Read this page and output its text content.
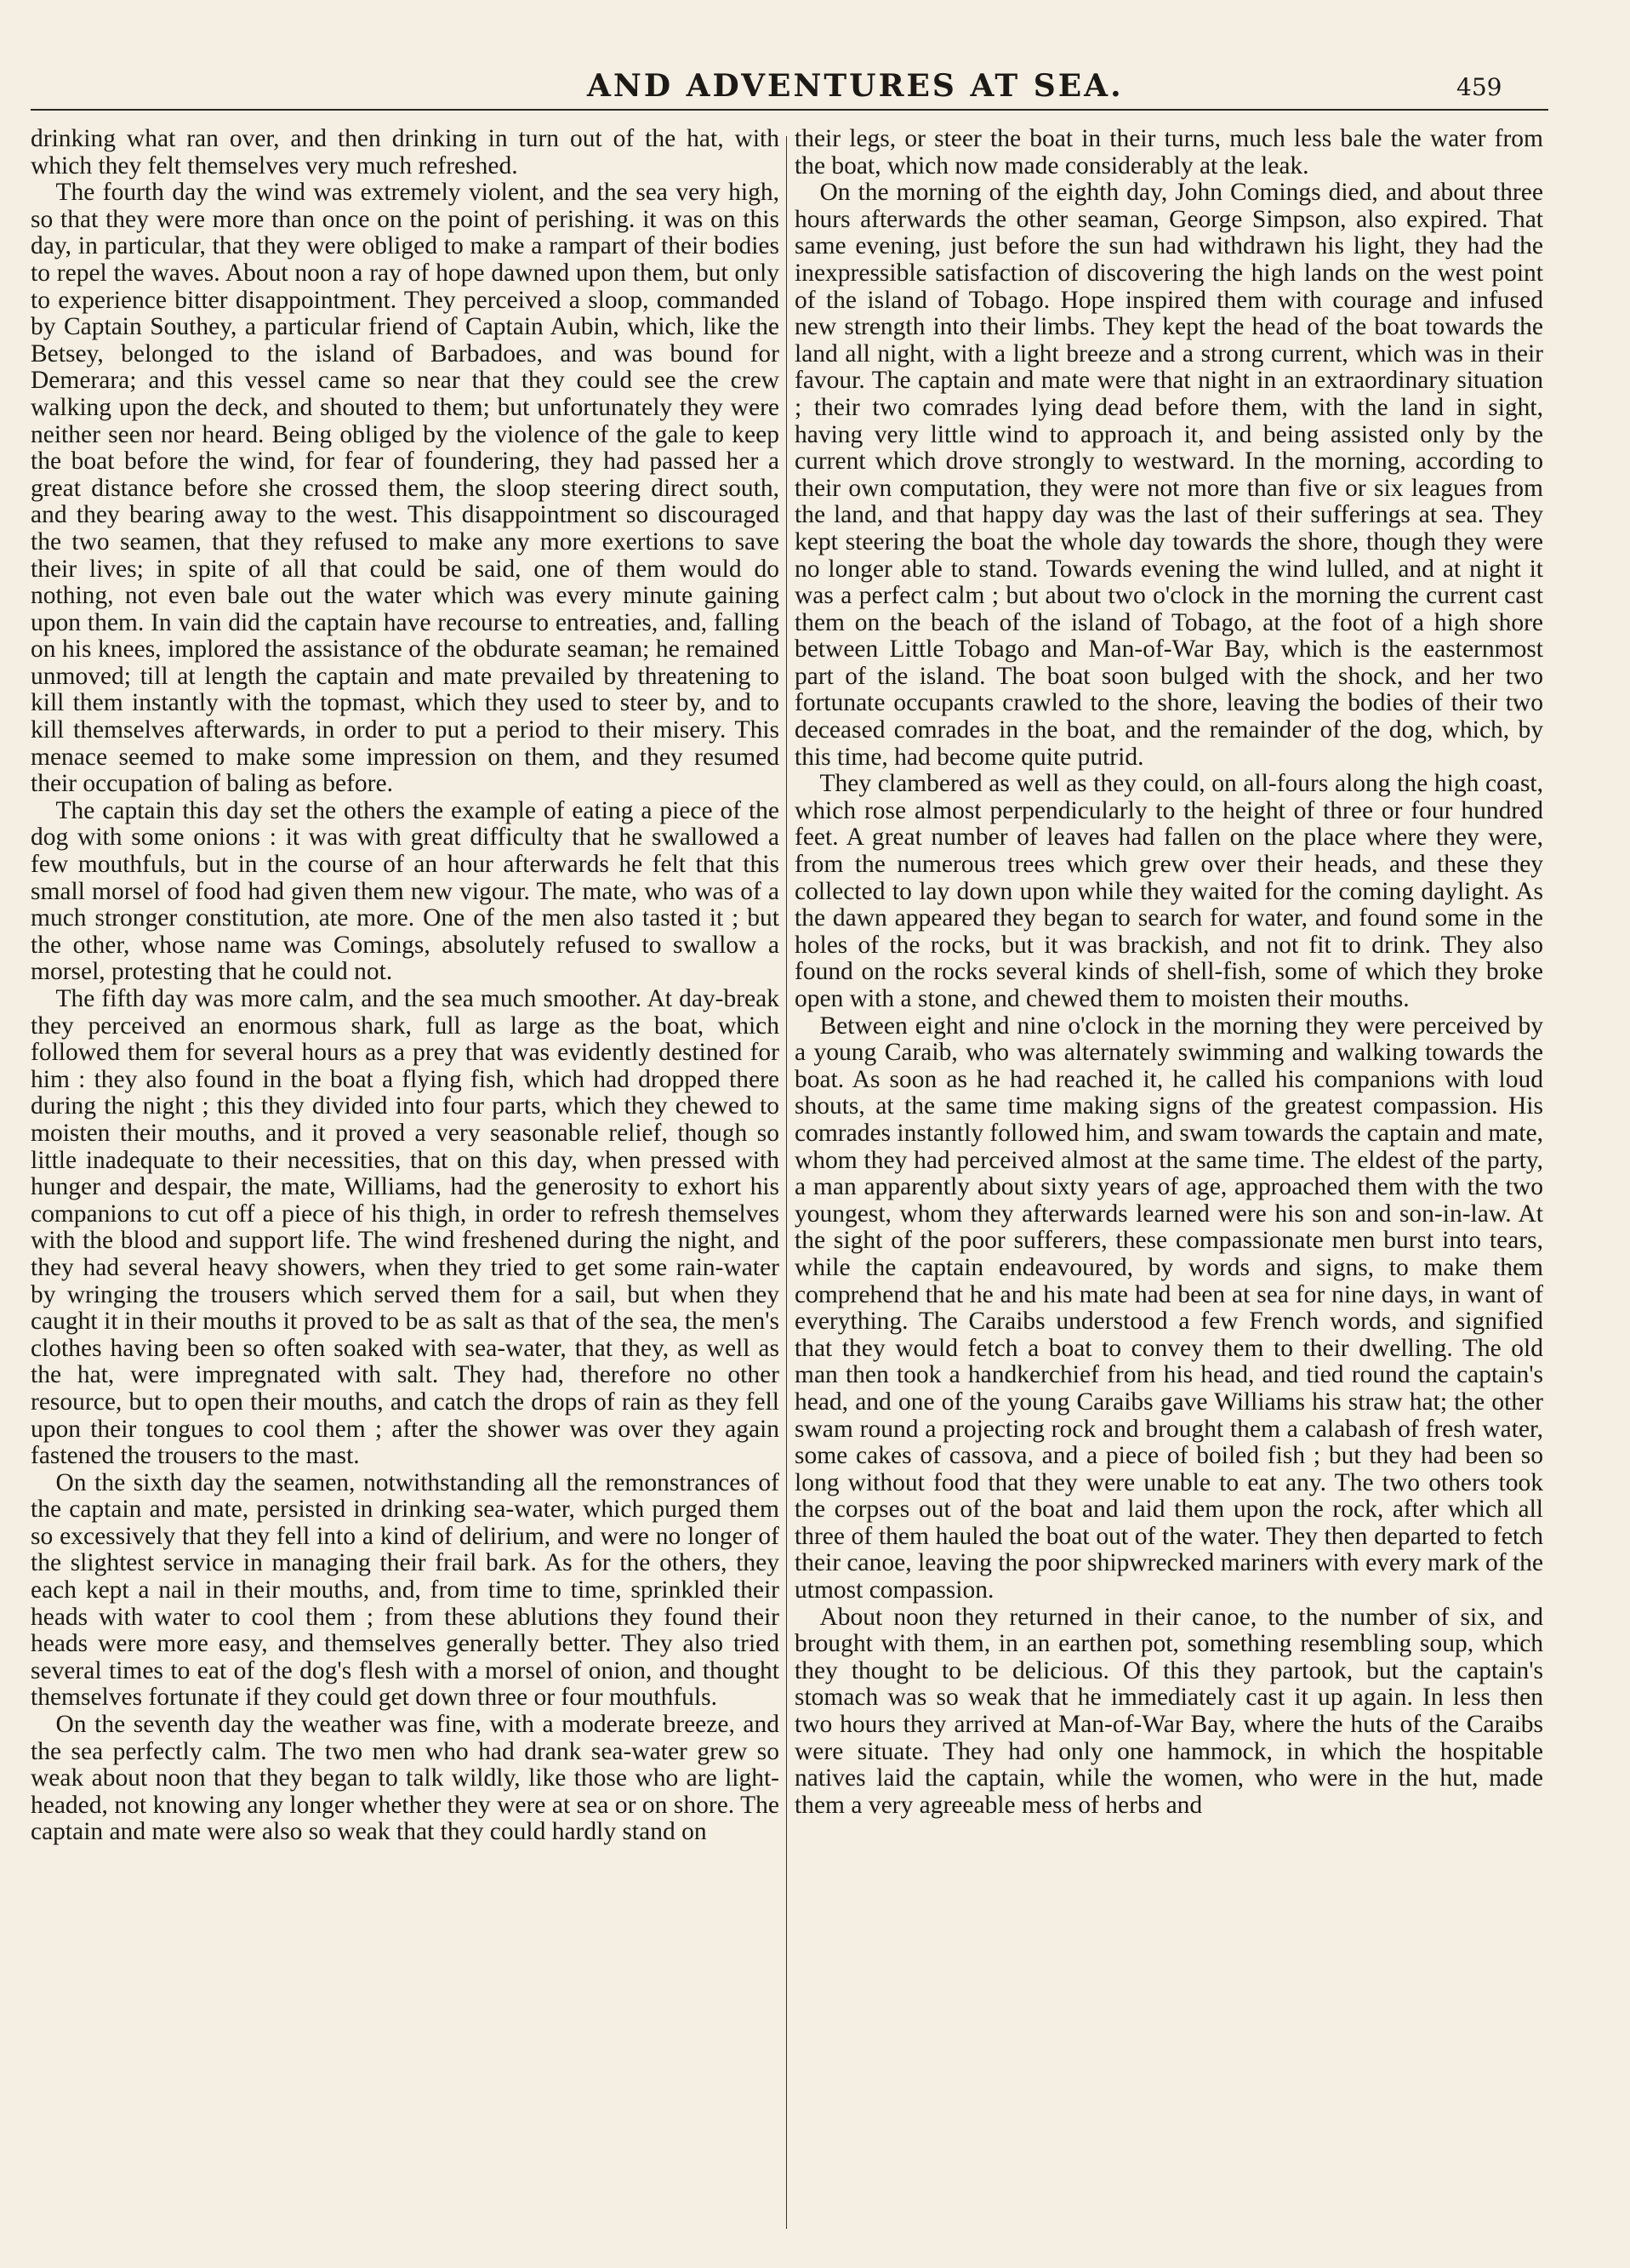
AND ADVENTURES AT SEA.	459

drinking what ran over, and then drinking in turn out of the hat, with which they felt themselves very much refreshed.

The fourth day the wind was extremely violent, and the sea very high, so that they were more than once on the point of perishing. it was on this day, in particular, that they were obliged to make a rampart of their bodies to repel the waves. About noon a ray of hope dawned upon them, but only to experience bitter disappointment. They perceived a sloop, commanded by Captain Southey, a particular friend of Captain Aubin, which, like the Betsey, belonged to the island of Barbadoes, and was bound for Demerara; and this vessel came so near that they could see the crew walking upon the deck, and shouted to them; but unfortunately they were neither seen nor heard. Being obliged by the violence of the gale to keep the boat before the wind, for fear of foundering, they had passed her a great distance before she crossed them, the sloop steering direct south, and they bearing away to the west. This disappointment so discouraged the two seamen, that they refused to make any more exertions to save their lives; in spite of all that could be said, one of them would do nothing, not even bale out the water which was every minute gaining upon them. In vain did the captain have recourse to entreaties, and, falling on his knees, implored the assistance of the obdurate seaman; he remained unmoved; till at length the captain and mate prevailed by threatening to kill them instantly with the topmast, which they used to steer by, and to kill themselves afterwards, in order to put a period to their misery. This menace seemed to make some impression on them, and they resumed their occupation of baling as before.

The captain this day set the others the example of eating a piece of the dog with some onions : it was with great difficulty that he swallowed a few mouthfuls, but in the course of an hour afterwards he felt that this small morsel of food had given them new vigour. The mate, who was of a much stronger constitution, ate more. One of the men also tasted it ; but the other, whose name was Comings, absolutely refused to swallow a morsel, protesting that he could not.

The fifth day was more calm, and the sea much smoother. At day-break they perceived an enormous shark, full as large as the boat, which followed them for several hours as a prey that was evidently destined for him : they also found in the boat a flying fish, which had dropped there during the night ; this they divided into four parts, which they chewed to moisten their mouths, and it proved a very seasonable relief, though so little inadequate to their necessities, that on this day, when pressed with hunger and despair, the mate, Williams, had the generosity to exhort his companions to cut off a piece of his thigh, in order to refresh themselves with the blood and support life. The wind freshened during the night, and they had several heavy showers, when they tried to get some rain-water by wringing the trousers which served them for a sail, but when they caught it in their mouths it proved to be as salt as that of the sea, the men's clothes having been so often soaked with sea-water, that they, as well as the hat, were impregnated with salt. They had, therefore no other resource, but to open their mouths, and catch the drops of rain as they fell upon their tongues to cool them ; after the shower was over they again fastened the trousers to the mast.

On the sixth day the seamen, notwithstanding all the remonstrances of the captain and mate, persisted in drinking sea-water, which purged them so excessively that they fell into a kind of delirium, and were no longer of the slightest service in managing their frail bark. As for the others, they each kept a nail in their mouths, and, from time to time, sprinkled their heads with water to cool them ; from these ablutions they found their heads were more easy, and themselves generally better. They also tried several times to eat of the dog's flesh with a morsel of onion, and thought themselves fortunate if they could get down three or four mouthfuls.

On the seventh day the weather was fine, with a moderate breeze, and the sea perfectly calm. The two men who had drank sea-water grew so weak about noon that they began to talk wildly, like those who are light-headed, not knowing any longer whether they were at sea or on shore. The captain and mate were also so weak that they could hardly stand on

their legs, or steer the boat in their turns, much less bale the water from the boat, which now made considerably at the leak.

On the morning of the eighth day, John Comings died, and about three hours afterwards the other seaman, George Simpson, also expired. That same evening, just before the sun had withdrawn his light, they had the inexpressible satisfaction of discovering the high lands on the west point of the island of Tobago. Hope inspired them with courage and infused new strength into their limbs. They kept the head of the boat towards the land all night, with a light breeze and a strong current, which was in their favour. The captain and mate were that night in an extraordinary situation ; their two comrades lying dead before them, with the land in sight, having very little wind to approach it, and being assisted only by the current which drove strongly to westward. In the morning, according to their own computation, they were not more than five or six leagues from the land, and that happy day was the last of their sufferings at sea. They kept steering the boat the whole day towards the shore, though they were no longer able to stand. Towards evening the wind lulled, and at night it was a perfect calm ; but about two o'clock in the morning the current cast them on the beach of the island of Tobago, at the foot of a high shore between Little Tobago and Man-of-War Bay, which is the easternmost part of the island. The boat soon bulged with the shock, and her two fortunate occupants crawled to the shore, leaving the bodies of their two deceased comrades in the boat, and the remainder of the dog, which, by this time, had become quite putrid.

They clambered as well as they could, on all-fours along the high coast, which rose almost perpendicularly to the height of three or four hundred feet. A great number of leaves had fallen on the place where they were, from the numerous trees which grew over their heads, and these they collected to lay down upon while they waited for the coming daylight. As the dawn appeared they began to search for water, and found some in the holes of the rocks, but it was brackish, and not fit to drink. They also found on the rocks several kinds of shell-fish, some of which they broke open with a stone, and chewed them to moisten their mouths.

Between eight and nine o'clock in the morning they were perceived by a young Caraib, who was alternately swimming and walking towards the boat. As soon as he had reached it, he called his companions with loud shouts, at the same time making signs of the greatest compassion. His comrades instantly followed him, and swam towards the captain and mate, whom they had perceived almost at the same time. The eldest of the party, a man apparently about sixty years of age, approached them with the two youngest, whom they afterwards learned were his son and son-in-law. At the sight of the poor sufferers, these compassionate men burst into tears, while the captain endeavoured, by words and signs, to make them comprehend that he and his mate had been at sea for nine days, in want of everything. The Caraibs understood a few French words, and signified that they would fetch a boat to convey them to their dwelling. The old man then took a handkerchief from his head, and tied round the captain's head, and one of the young Caraibs gave Williams his straw hat; the other swam round a projecting rock and brought them a calabash of fresh water, some cakes of cassova, and a piece of boiled fish ; but they had been so long without food that they were unable to eat any. The two others took the corpses out of the boat and laid them upon the rock, after which all three of them hauled the boat out of the water. They then departed to fetch their canoe, leaving the poor shipwrecked mariners with every mark of the utmost compassion.

About noon they returned in their canoe, to the number of six, and brought with them, in an earthen pot, something resembling soup, which they thought to be delicious. Of this they partook, but the captain's stomach was so weak that he immediately cast it up again. In less then two hours they arrived at Man-of-War Bay, where the huts of the Caraibs were situate. They had only one hammock, in which the hospitable natives laid the captain, while the women, who were in the hut, made them a very agreeable mess of herbs and
